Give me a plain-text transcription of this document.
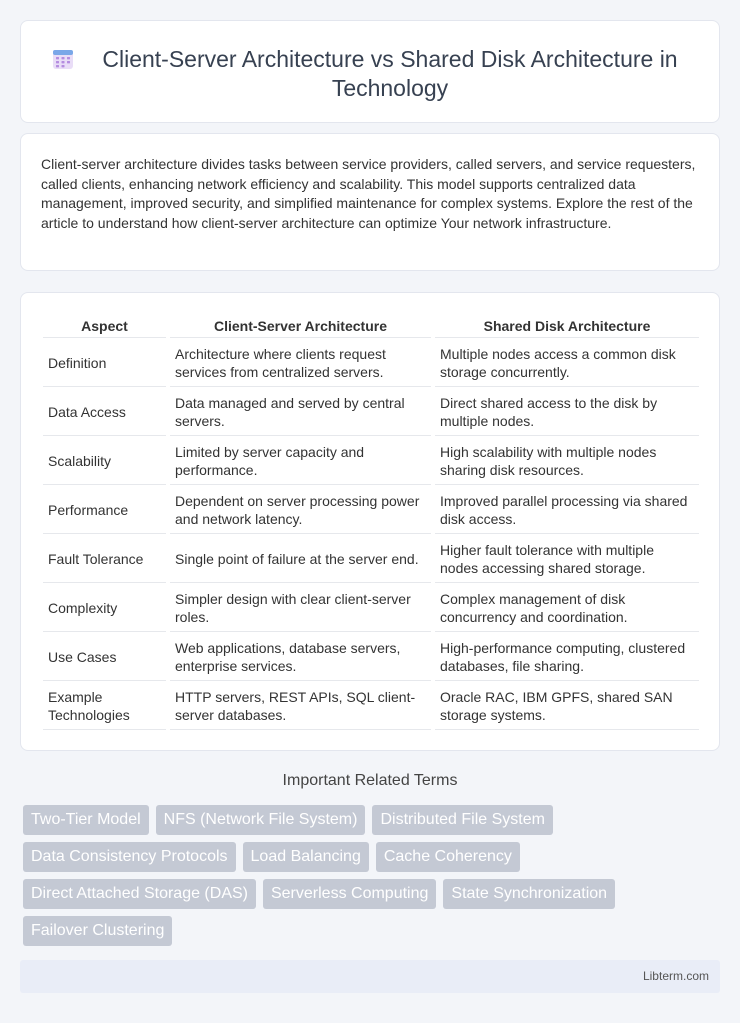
Client-Server Architecture vs Shared Disk Architecture in Technology

Client-server architecture divides tasks between service providers, called servers, and service requesters, called clients, enhancing network efficiency and scalability. This model supports centralized data management, improved security, and simplified maintenance for complex systems. Explore the rest of the article to understand how client-server architecture can optimize Your network infrastructure.

Aspect	Client-Server Architecture	Shared Disk Architecture
Definition	Architecture where clients request services from centralized servers.	Multiple nodes access a common disk storage concurrently.
Data Access	Data managed and served by central servers.	Direct shared access to the disk by multiple nodes.
Scalability	Limited by server capacity and performance.	High scalability with multiple nodes sharing disk resources.
Performance	Dependent on server processing power and network latency.	Improved parallel processing via shared disk access.
Fault Tolerance	Single point of failure at the server end.	Higher fault tolerance with multiple nodes accessing shared storage.
Complexity	Simpler design with clear client-server roles.	Complex management of disk concurrency and coordination.
Use Cases	Web applications, database servers, enterprise services.	High-performance computing, clustered databases, file sharing.
Example Technologies	HTTP servers, REST APIs, SQL client-server databases.	Oracle RAC, IBM GPFS, shared SAN storage systems.
Important Related Terms
Two-Tier Model	NFS (Network File System)	Distributed File System
Data Consistency Protocols	Load Balancing	Cache Coherency
Direct Attached Storage (DAS)	Serverless Computing	State Synchronization
Failover Clustering
Libterm.com
